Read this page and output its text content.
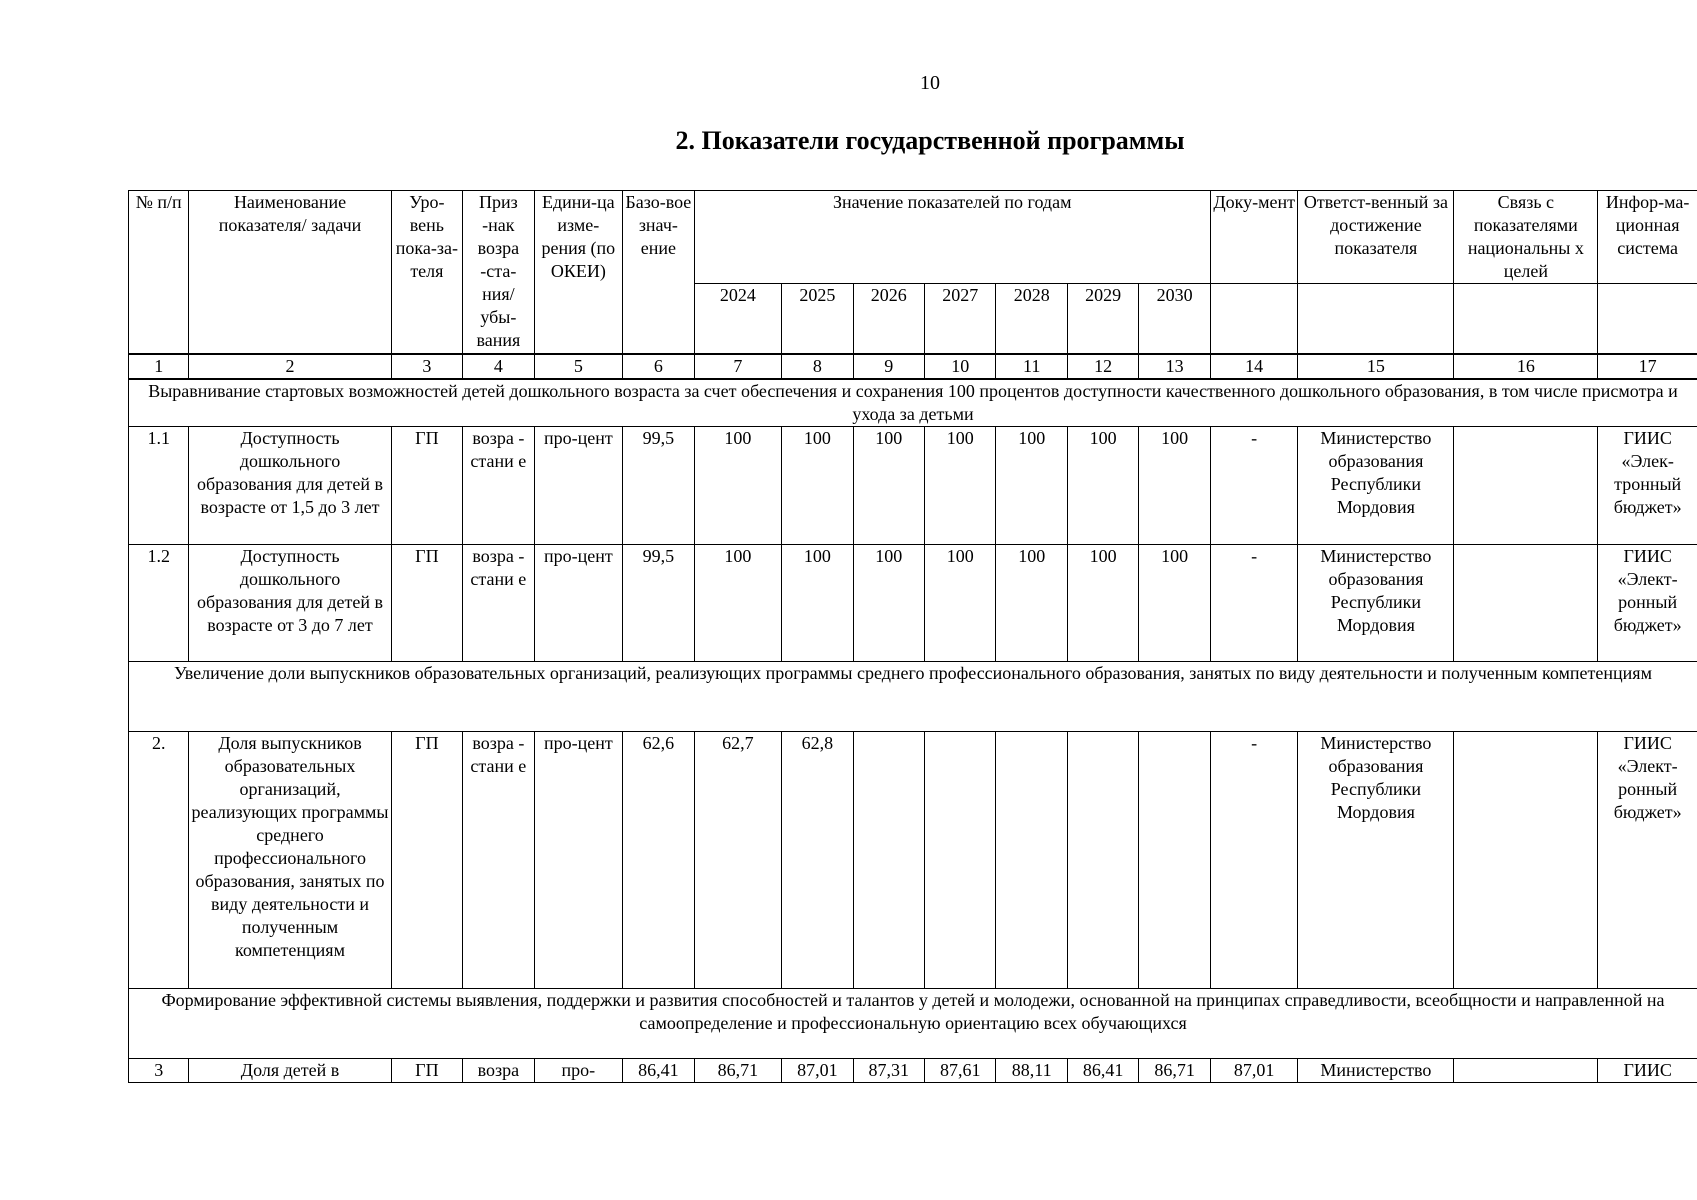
10
2. Показатели государственной программы
№ п/п	Наименование показателя/ задачи	Уро-вень пока-за-теля	Приз -нак возра -ста-ния/ убы-вания	Едини-ца изме-рения (по ОКЕИ)	Базо-вое знач-ение	Значение показателей по годам							Доку-мент	Ответст-венный за достижение показателя	Связь с показателями национальны х целей	Инфор-ма-ционная система
						2024	2025	2026	2027	2028	2029	2030				
1	2	3	4	5	6	7	8	9	10	11	12	13	14	15	16	17
Выравнивание стартовых возможностей детей дошкольного возраста за счет обеспечения и сохранения 100 процентов доступности качественного дошкольного образования, в том числе присмотра и ухода за детьми																
1.1	Доступность дошкольного образования для детей в возрасте от 1,5 до 3 лет	ГП	возра - стани е	про-цент	99,5	100	100	100	100	100	100	100	-	Министерство образования Республики Мордовия		ГИИС «Элек-тронный бюджет»
1.2	Доступность дошкольного образования для детей в возрасте от 3 до 7 лет	ГП	возра - стани е	про-цент	99,5	100	100	100	100	100	100	100	-	Министерство образования Республики Мордовия		ГИИС «Элект-ронный бюджет»
Увеличение доли выпускников образовательных организаций, реализующих программы среднего профессионального образования, занятых по виду деятельности и полученным компетенциям																
2.	Доля выпускников образовательных организаций, реализующих программы среднего профессионального образования, занятых по виду деятельности и полученным компетенциям	ГП	возра - стани е	про-цент	62,6	62,7	62,8						-	Министерство образования Республики Мордовия		ГИИС «Элект-ронный бюджет»
Формирование эффективной системы выявления, поддержки и развития способностей и талантов у детей и молодежи, основанной на принципах справедливости, всеобщности и направленной на самоопределение и профессиональную ориентацию всех обучающихся																
3	Доля детей в	ГП	возра	про-	86,41	86,71	87,01	87,31	87,61	88,11	86,41	86,71	87,01	Министерство		ГИИС
